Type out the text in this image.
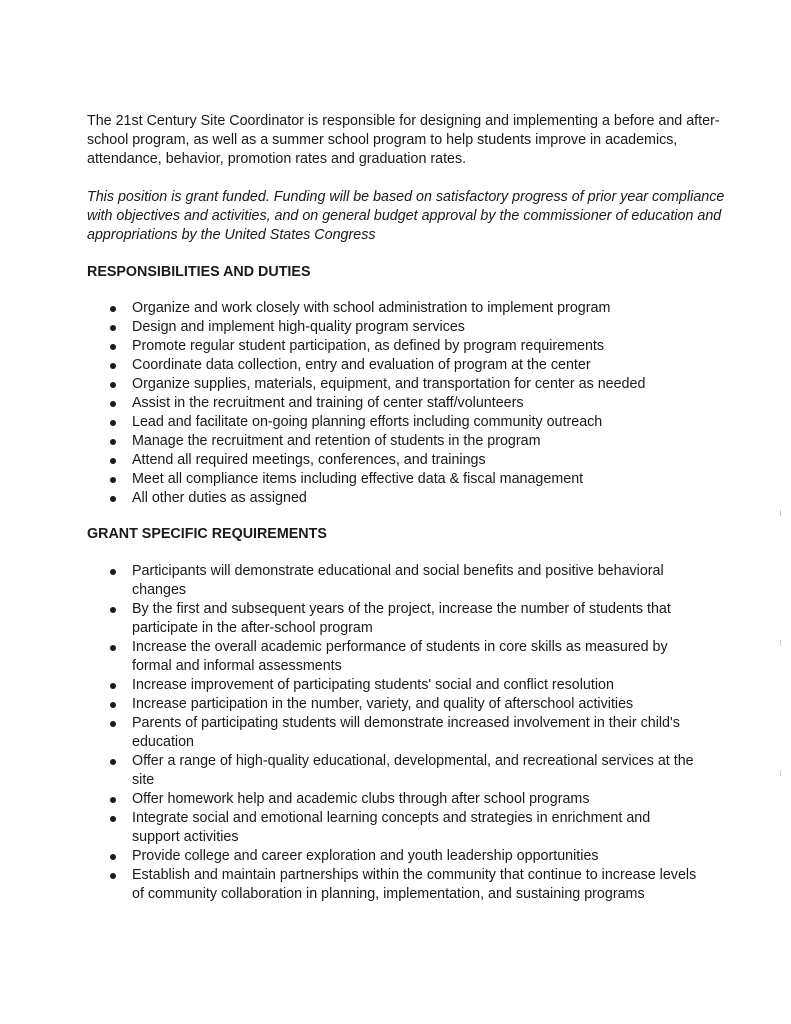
The 21st Century Site Coordinator is responsible for designing and implementing a before and after- school program, as well as a summer school program to help students improve in academics, attendance, behavior, promotion rates and graduation rates.

This position is grant funded. Funding will be based on satisfactory progress of prior year compliance with objectives and activities, and on general budget approval by the commissioner of education and appropriations by the United States Congress

RESPONSIBILITIES AND DUTIES
Organize and work closely with school administration to implement program
Design and implement high-quality program services
Promote regular student participation, as defined by program requirements
Coordinate data collection, entry and evaluation of program at the center
Organize supplies, materials, equipment, and transportation for center as needed
Assist in the recruitment and training of center staff/volunteers
Lead and facilitate on-going planning efforts including community outreach
Manage the recruitment and retention of students in the program
Attend all required meetings, conferences, and trainings
Meet all compliance items including effective data & fiscal management
All other duties as assigned
GRANT SPECIFIC REQUIREMENTS
Participants will demonstrate educational and social benefits and positive behavioral changes
By the first and subsequent years of the project, increase the number of students that participate in the after-school program
Increase the overall academic performance of students in core skills as measured by formal and informal assessments
Increase improvement of participating students' social and conflict resolution
Increase participation in the number, variety, and quality of afterschool activities
Parents of participating students will demonstrate increased involvement in their child's education
Offer a range of high-quality educational, developmental, and recreational services at the site
Offer homework help and academic clubs through after school programs
Integrate social and emotional learning concepts and strategies in enrichment and support activities
Provide college and career exploration and youth leadership opportunities
Establish and maintain partnerships within the community that continue to increase levels of community collaboration in planning, implementation, and sustaining programs
